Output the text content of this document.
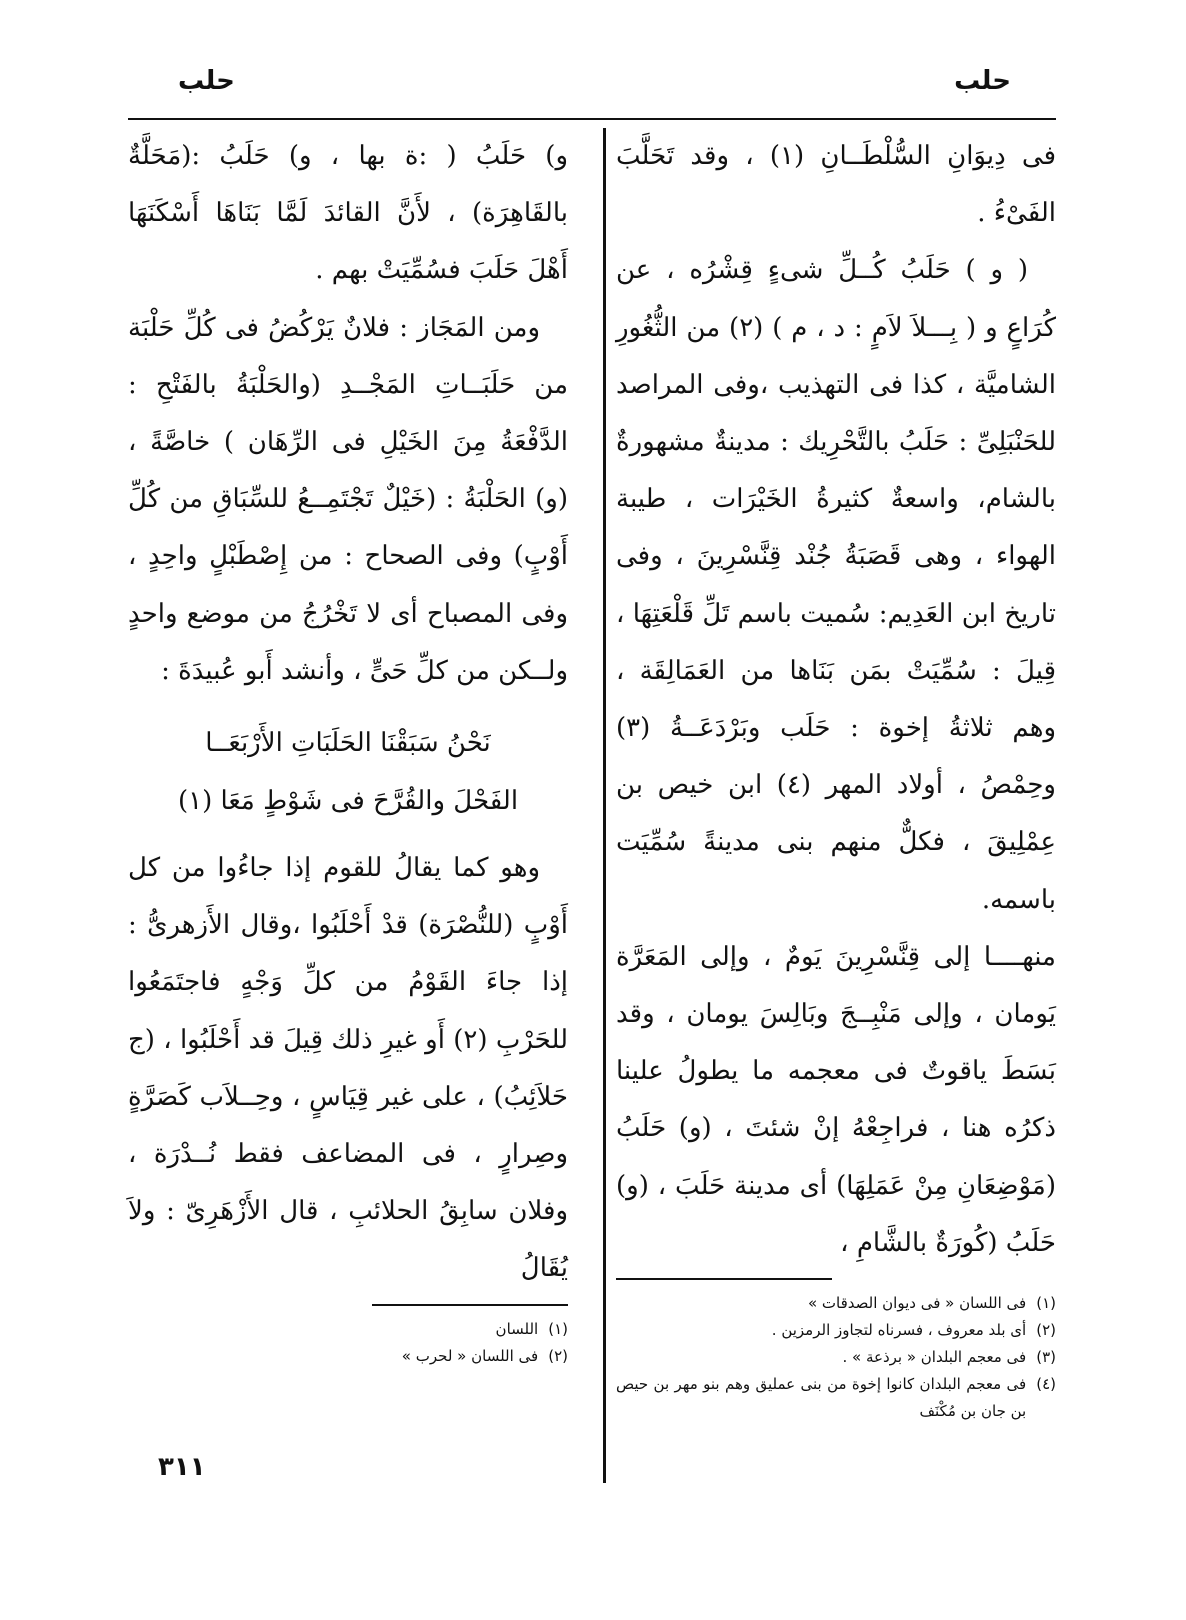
حلب
حلب

فى دِيوَانِ السُّلْطَــانِ (١) ، وقد تَحَلَّبَ الفَىْءُ .

( و ) حَلَبُ كُــلِّ شىءٍ قِشْرُه ، عن كُرَاعٍ و ( بِـــلاَ لاَمٍ : د ، م ) (٢) من الثُّغُورِ الشاميَّة ، كذا فى التهذيب ،وفى المراصد للحَنْبَلِىِّ : حَلَبُ بالتَّحْرِيك : مدينةٌ مشهورةٌ بالشام، واسعةٌ كثيرةُ الخَيْرَات ، طيبة الهواء ، وهى قَصَبَةُ جُنْد قِنَّسْرِينَ ، وفى تاريخ ابن العَدِيم: سُميت باسم تَلِّ قَلْعَتِهَا ، قِيلَ : سُمِّيَتْ بمَن بَنَاها من العَمَالِقَة ، وهم ثلاثةُ إخوة : حَلَب وبَرْدَعَــةُ (٣) وحِمْصُ ، أولاد المهر (٤) ابن خيص بن عِمْلِيقَ ، فكلٌّ منهم بنى مدينةً سُمِّيَت باسمه.

منهــــا إلى قِنَّسْرِينَ يَومٌ ، وإلى المَعَرَّة يَومان ، وإلى مَنْبِــجَ وبَالِسَ يومان ، وقد بَسَطَ ياقوتٌ فى معجمه ما يطولُ علينا ذكرُه هنا ، فراجِعْهُ إنْ شئتَ ، (و) حَلَبُ (مَوْضِعَانِ مِنْ عَمَلِهَا) أى مدينة حَلَبَ ، (و) حَلَبُ (كُورَةٌ بالشَّامِ ،

(١)
فى اللسان « فى ديوان الصدقات »
(٢)
أى بلد معروف ، فسرناه لتجاوز الرمزين .
(٣)
فى معجم البلدان « برذعة » .
(٤)
فى معجم البلدان كانوا إخوة من بنى عمليق وهم بنو مهر بن حيص بن جان بن مُكْنَف

و) حَلَبُ ( :ة بها ، و) حَلَبُ :(مَحَلَّةٌ بالقَاهِرَة) ، لأَنَّ القائدَ لَمَّا بَنَاهَا أَسْكَنَهَا أَهْلَ حَلَبَ فسُمِّيَتْ بهم .

ومن المَجَاز : فلانٌ يَرْكُضُ فى كُلِّ حَلْبَة من حَلَبَــاتِ المَجْــدِ (والحَلْبَةُ بالفَتْحِ : الدَّفْعَةُ مِنَ الخَيْلِ فى الرِّهَان ) خاصَّةً ، (و) الحَلْبَةُ : (خَيْلٌ تَجْتَمِــعُ للسِّبَاقِ من كُلِّ أَوْبٍ) وفى الصحاح : من إِصْطَبْلٍ واحِدٍ ، وفى المصباح أى لا تَخْرُجُ من موضع واحدٍ ولــكن من كلِّ حَىٍّ ، وأنشد أَبو عُبيدَةَ :

نَحْنُ سَبَقْنَا الحَلَبَاتِ الأَرْبَعَــا
الفَحْلَ والقُرَّحَ فى شَوْطٍ مَعَا (١)

وهو كما يقالُ للقوم إذا جاءُوا من كل أَوْبٍ (للنُّصْرَة) قدْ أَحْلَبُوا ،وقال الأَزهرىُّ : إذا جاءَ القَوْمُ من كلِّ وَجْهٍ فاجتَمَعُوا للحَرْبِ (٢) أَو غيرِ ذلك قِيلَ قد أَحْلَبُوا ، (ج حَلاَئِبُ) ، على غير قِيَاسٍ ، وحِــلاَب كَصَرَّةٍ وصِرارٍ ، فى المضاعف فقط نُــدْرَة ، وفلان سابِقُ الحلائبِ ، قال الأَزْهَرِىّ : ولاَ يُقَالُ

(١)
اللسان
(٢)
فى اللسان « لحرب »
٣١١
